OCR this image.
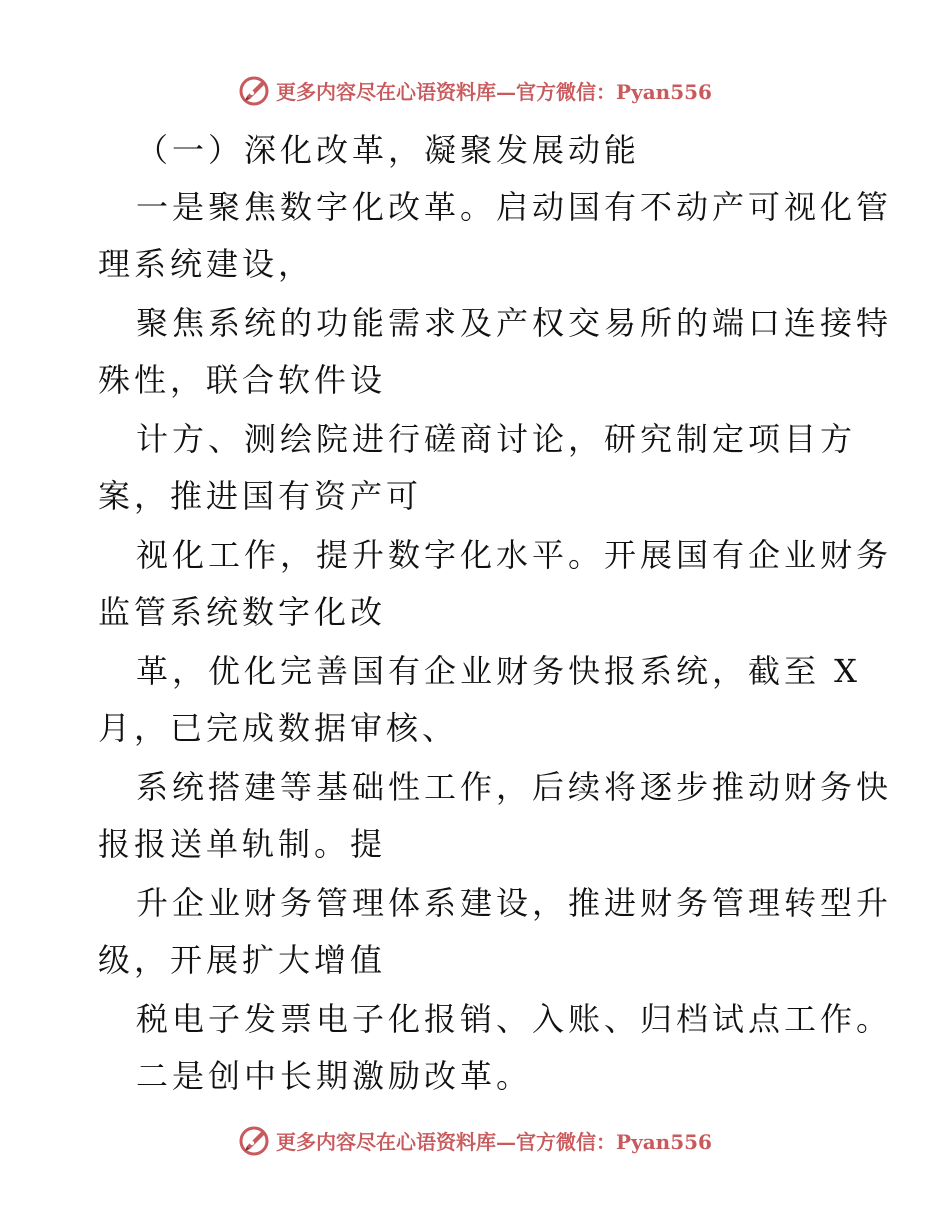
更多内容尽在心语资料库—官方微信：Pyan556
（一）深化改革，凝聚发展动能
一是聚焦数字化改革。启动国有不动产可视化管
理系统建设，
聚焦系统的功能需求及产权交易所的端口连接特
殊性，联合软件设
计方、测绘院进行磋商讨论，研究制定项目方
案，推进国有资产可
视化工作，提升数字化水平。开展国有企业财务
监管系统数字化改
革，优化完善国有企业财务快报系统，截至 X
月，已完成数据审核、
系统搭建等基础性工作，后续将逐步推动财务快
报报送单轨制。提
升企业财务管理体系建设，推进财务管理转型升
级，开展扩大增值
税电子发票电子化报销、入账、归档试点工作。
二是创中长期激励改革。
更多内容尽在心语资料库—官方微信：Pyan556
